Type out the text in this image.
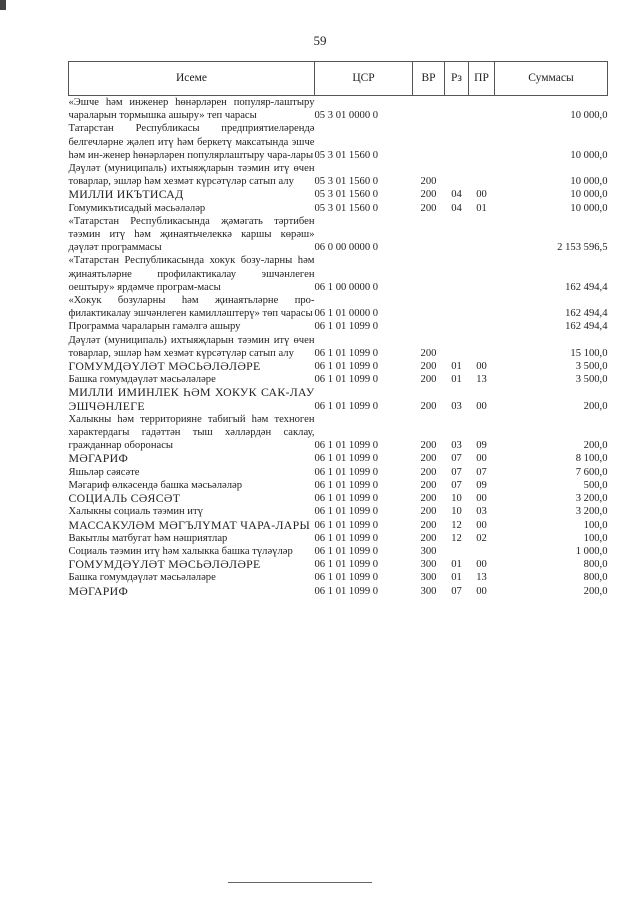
59
Исеме	ЦСР	ВР	Рз	ПР	Суммасы
«Эшче һәм инженер һөнәрләрен популяр-лаштыру чараларын тормышка ашыру» теп чарасы	05 3 01 0000 0				10 000,0
Татарстан Республикасы предприятиеләрендә белгечләрне җәлеп итү һәм беркетү максатында эшче һәм ин-женер һөнәрләрен популярлаштыру чара-лары	05 3 01 1560 0				10 000,0
Дәүләт (муниципаль) ихтыяҗларын тәэмин итү өчен товарлар, эшләр һәм хезмәт күрсәтүләр сатып алу	05 3 01 1560 0	200			10 000,0
МИЛЛИ ИКЪТИСАД	05 3 01 1560 0	200	04	00	10 000,0
Гомумикътисадый мәсьәләләр	05 3 01 1560 0	200	04	01	10 000,0
«Татарстан Республикасында җәмәгать тәртибен тәэмин итү һәм җинаятьчелеккә каршы көрәш» дәүләт программасы	06 0 00 0000 0				2 153 596,5
«Татарстан Республикасында хокук бозу-ларны һәм җинаятьләрне профилактикалау эшчәнлеген оештыру» ярдәмче програм-масы	06 1 00 0000 0				162 494,4
«Хокук бозуларны һәм җинаятьләрне про-филактикалау эшчәнлеген камилләштерү» төп чарасы	06 1 01 0000 0				162 494,4
Программа чараларын гамәлгә ашыру	06 1 01 1099 0				162 494,4
Дәүләт (муниципаль) ихтыяҗларын тәэмин итү өчен товарлар, эшләр һәм хезмәт күрсәтүләр сатып алу	06 1 01 1099 0	200			15 100,0
ГОМУМДӘҮЛӘТ МӘСЬӘЛӘЛӘРЕ	06 1 01 1099 0	200	01	00	3 500,0
Башка гомумдәүләт мәсьәләләре	06 1 01 1099 0	200	01	13	3 500,0
МИЛЛИ ИМИНЛЕК ҺӘМ ХОКУК САК-ЛАУ ЭШЧӘНЛЕГЕ	06 1 01 1099 0	200	03	00	200,0
Халыкны һәм территорияне табигый һәм техноген характердагы гадәттән тыш хәлләрдән саклау, гражданнар оборонасы	06 1 01 1099 0	200	03	09	200,0
МӘГАРИФ	06 1 01 1099 0	200	07	00	8 100,0
Яшьләр сәясәте	06 1 01 1099 0	200	07	07	7 600,0
Мәгариф өлкәсендә башка мәсьәләләр	06 1 01 1099 0	200	07	09	500,0
СОЦИАЛЬ СӘЯСӘТ	06 1 01 1099 0	200	10	00	3 200,0
Халыкны социаль тәэмин итү	06 1 01 1099 0	200	10	03	3 200,0
МАССАКУЛӘМ МӘГЪЛҮМАТ ЧАРА-ЛАРЫ	06 1 01 1099 0	200	12	00	100,0
Вакытлы матбугат һәм нәшриятлар	06 1 01 1099 0	200	12	02	100,0
Социаль тәэмин итү һәм халыкка башка түләүләр	06 1 01 1099 0	300			1 000,0
ГОМУМДӘҮЛӘТ МӘСЬӘЛӘЛӘРЕ	06 1 01 1099 0	300	01	00	800,0
Башка гомумдәүләт мәсьәләләре	06 1 01 1099 0	300	01	13	800,0
МӘГАРИФ	06 1 01 1099 0	300	07	00	200,0
